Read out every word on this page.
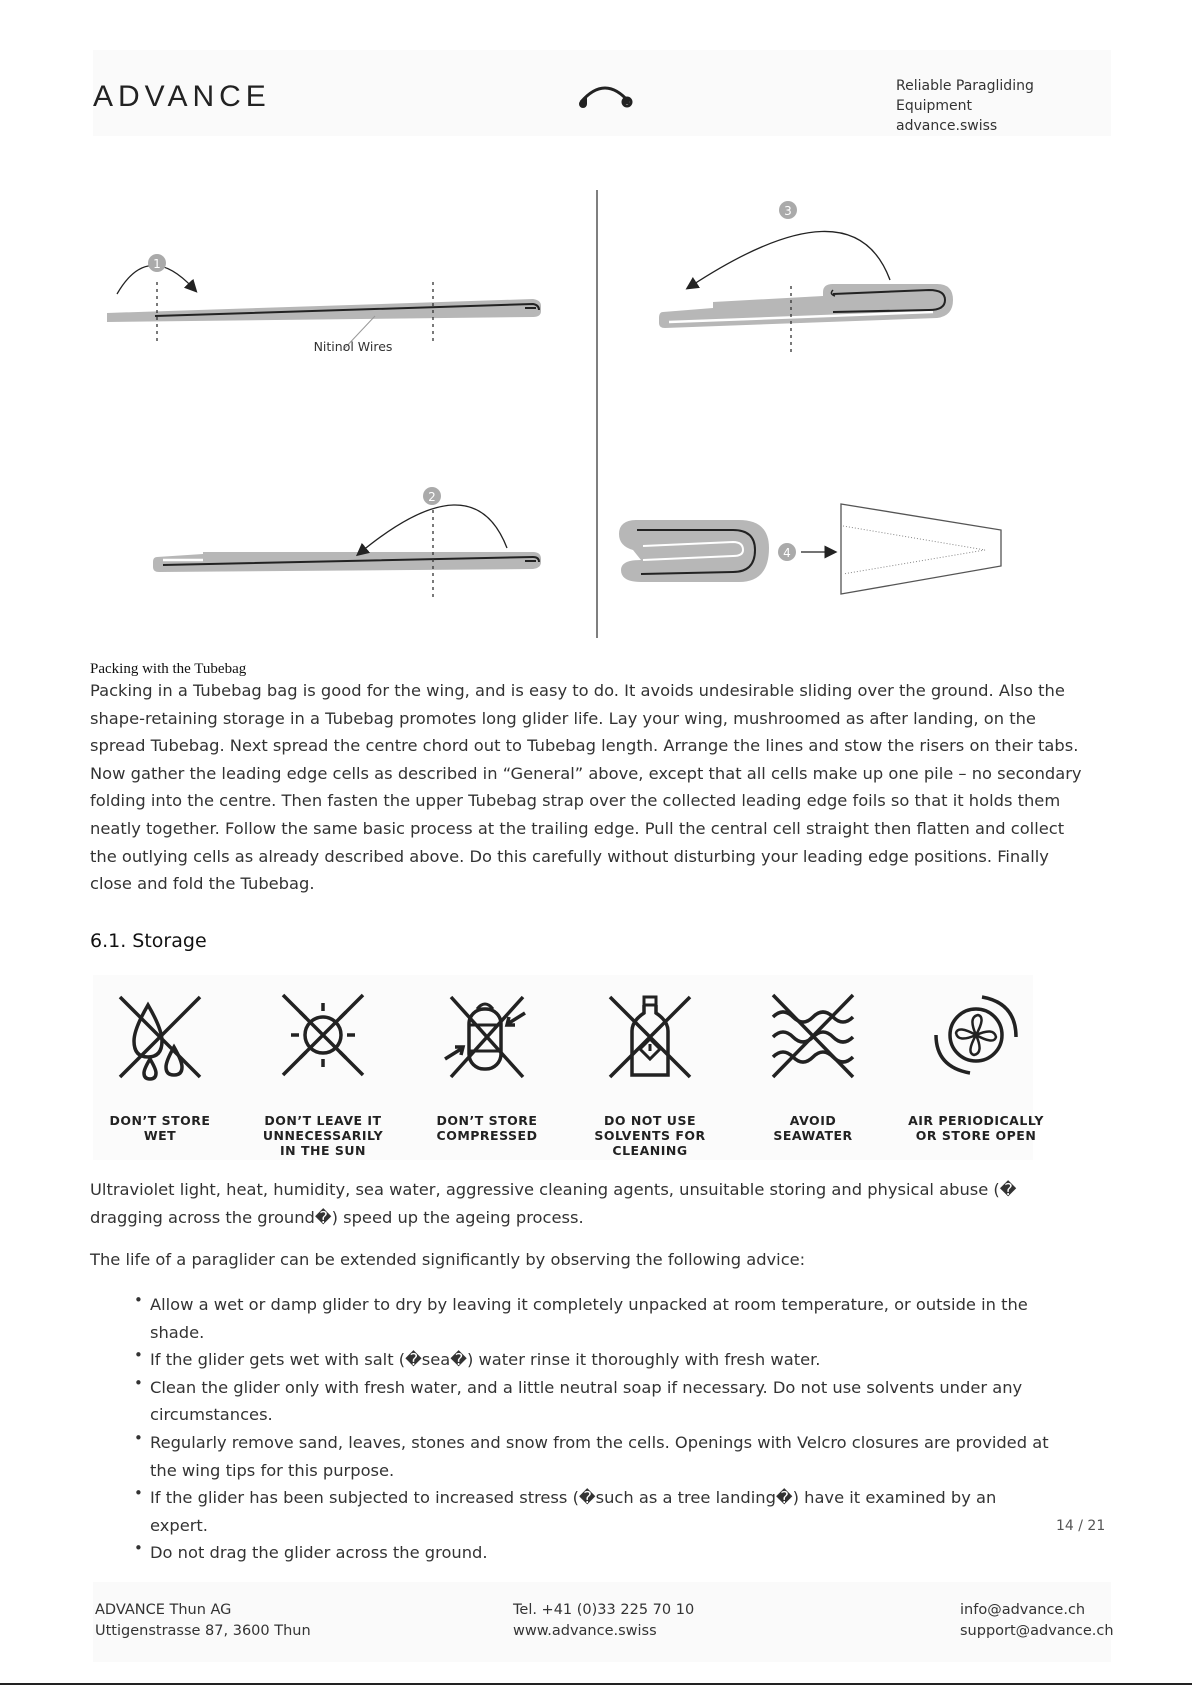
ADVANCE	Reliable Paragliding Equipment
advance.swiss
1
Nitinol Wires
2
3
4
Packing with the Tubebag
Packing in a Tubebag bag is good for the wing, and is easy to do. It avoids undesirable sliding over the ground. Also the shape-retaining storage in a Tubebag promotes long glider life. Lay your wing, mushroomed as after landing, on the spread Tubebag. Next spread the centre chord out to Tubebag length. Arrange the lines and stow the risers on their tabs. Now gather the leading edge cells as described in “General” above, except that all cells make up one pile – no secondary folding into the centre. Then fasten the upper Tubebag strap over the collected leading edge foils so that it holds them neatly together. Follow the same basic process at the trailing edge. Pull the central cell straight then flatten and collect the outlying cells as already described above. Do this carefully without disturbing your leading edge positions. Finally close and fold the Tubebag.
6.1. Storage
DON’T STORE
WET
DON’T LEAVE IT
UNNECESSARILY
IN THE SUN
DON’T STORE
COMPRESSED
DO NOT USE
SOLVENTS FOR
CLEANING
AVOID
SEAWATER
AIR PERIODICALLY
OR STORE OPEN
Ultraviolet light, heat, humidity, sea water, aggressive cleaning agents, unsuitable storing and physical abuse (� dragging across the ground�) speed up the ageing process.
The life of a paraglider can be extended significantly by observing the following advice:
• Allow a wet or damp glider to dry by leaving it completely unpacked at room temperature, or outside in the shade.
• If the glider gets wet with salt (�sea�) water rinse it thoroughly with fresh water.
• Clean the glider only with fresh water, and a little neutral soap if necessary. Do not use solvents under any circumstances.
• Regularly remove sand, leaves, stones and snow from the cells. Openings with Velcro closures are provided at the wing tips for this purpose.
• If the glider has been subjected to increased stress (�such as a tree landing�) have it examined by an expert.
• Do not drag the glider across the ground.
14 / 21
ADVANCE Thun AG
Uttigenstrasse 87, 3600 Thun
Tel. +41 (0)33 225 70 10
www.advance.swiss
info@advance.ch
support@advance.ch
